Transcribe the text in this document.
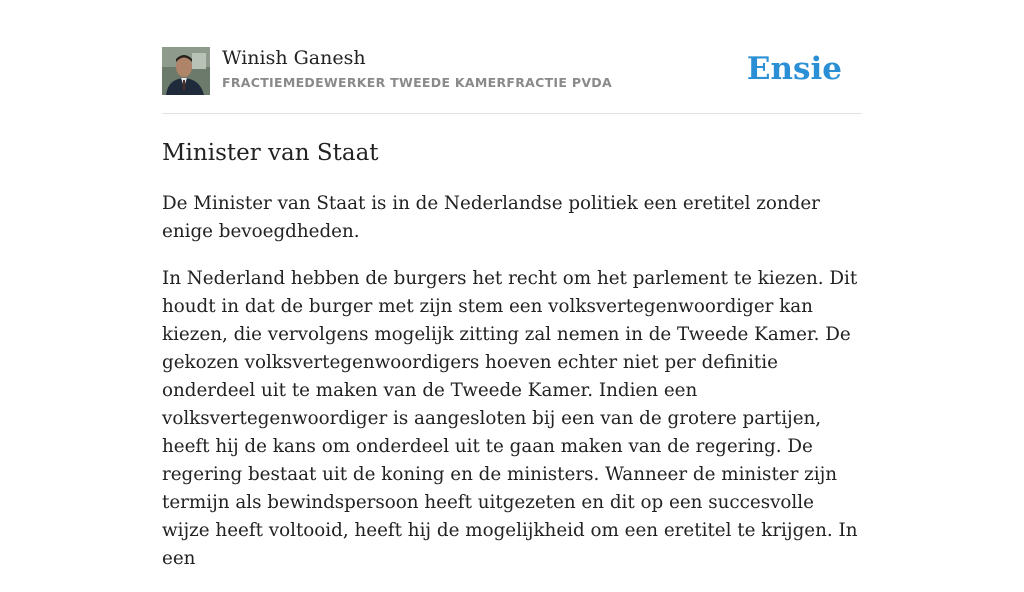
Winish Ganesh
FRACTIEMEDEWERKER TWEEDE KAMERFRACTIE PVDA	Ensie
Minister van Staat

De Minister van Staat is in de Nederlandse politiek een eretitel zonder enige bevoegdheden.

In Nederland hebben de burgers het recht om het parlement te kiezen. Dit houdt in dat de burger met zijn stem een volksvertegenwoordiger kan kiezen, die vervolgens mogelijk zitting zal nemen in de Tweede Kamer. De gekozen volksvertegenwoordigers hoeven echter niet per definitie onderdeel uit te maken van de Tweede Kamer. Indien een volksvertegenwoordiger is aangesloten bij een van de grotere partijen, heeft hij de kans om onderdeel uit te gaan maken van de regering. De regering bestaat uit de koning en de ministers. Wanneer de minister zijn termijn als bewindspersoon heeft uitgezeten en dit op een succesvolle wijze heeft voltooid, heeft hij de mogelijkheid om een eretitel te krijgen. In een
